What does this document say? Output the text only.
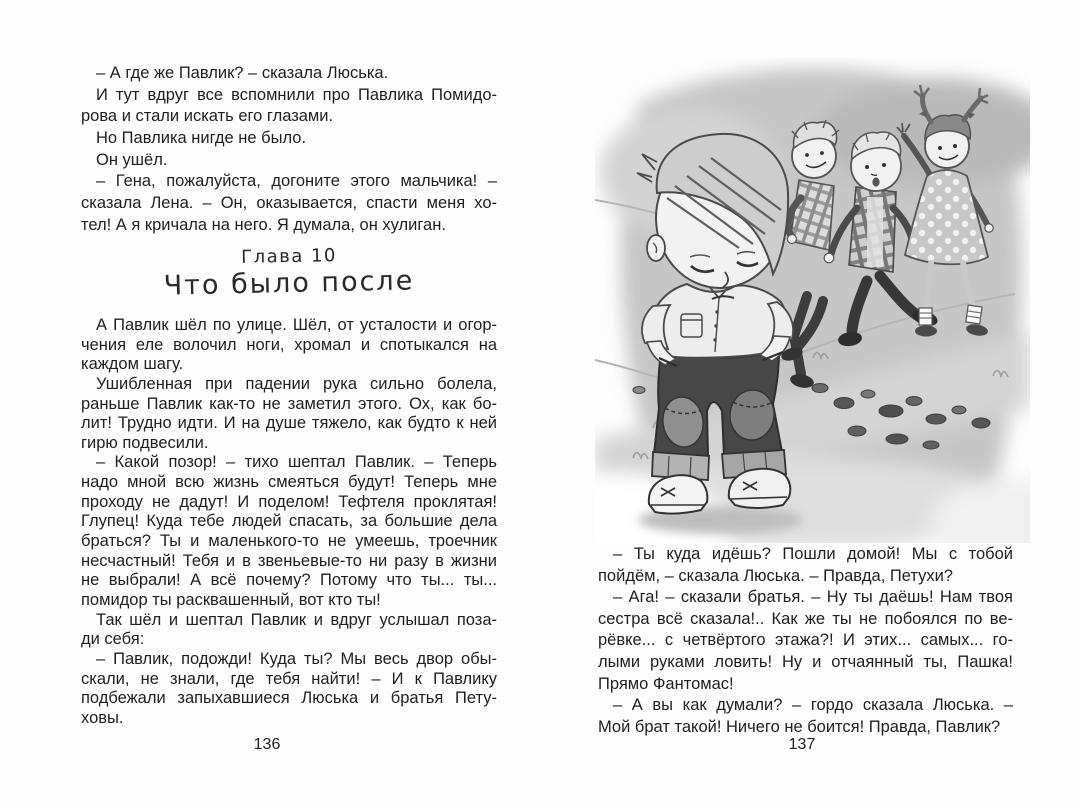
– А где же Павлик? – сказала Люська.
И тут вдруг все вспомнили про Павлика Помидо-
рова и стали искать его глазами.
Но Павлика нигде не было.
Он ушёл.
– Гена, пожалуйста, догоните этого мальчика! –
сказала Лена. – Он, оказывается, спасти меня хо-
тел! А я кричала на него. Я думала, он хулиган.
Глава 10
Что было после
А Павлик шёл по улице. Шёл, от усталости и огор-
чения еле волочил ноги, хромал и спотыкался на
каждом шагу.
Ушибленная при падении рука сильно болела,
раньше Павлик как-то не заметил этого. Ох, как бо-
лит! Трудно идти. И на душе тяжело, как будто к ней
гирю подвесили.
– Какой позор! – тихо шептал Павлик. – Теперь
надо мной всю жизнь смеяться будут! Теперь мне
проходу не дадут! И поделом! Тефтеля проклятая!
Глупец! Куда тебе людей спасать, за большие дела
браться? Ты и маленького-то не умеешь, троечник
несчастный! Тебя и в звеньевые-то ни разу в жизни
не выбрали! А всё почему? Потому что ты... ты...
помидор ты расквашенный, вот кто ты!
Так шёл и шептал Павлик и вдруг услышал поза-
ди себя:
– Павлик, подожди! Куда ты? Мы весь двор обы-
скали, не знали, где тебя найти! – И к Павлику
подбежали запыхавшиеся Люська и братья Пету-
ховы.
136
– Ты куда идёшь? Пошли домой! Мы с тобой
пойдём, – сказала Люська. – Правда, Петухи?
– Ага! – сказали братья. – Ну ты даёшь! Нам твоя
сестра всё сказала!.. Как же ты не побоялся по ве-
рёвке... с четвёртого этажа?! И этих... самых... го-
лыми руками ловить! Ну и отчаянный ты, Пашка!
Прямо Фантомас!
– А вы как думали? – гордо сказала Люська. –
Мой брат такой! Ничего не боится! Правда, Павлик?
137
